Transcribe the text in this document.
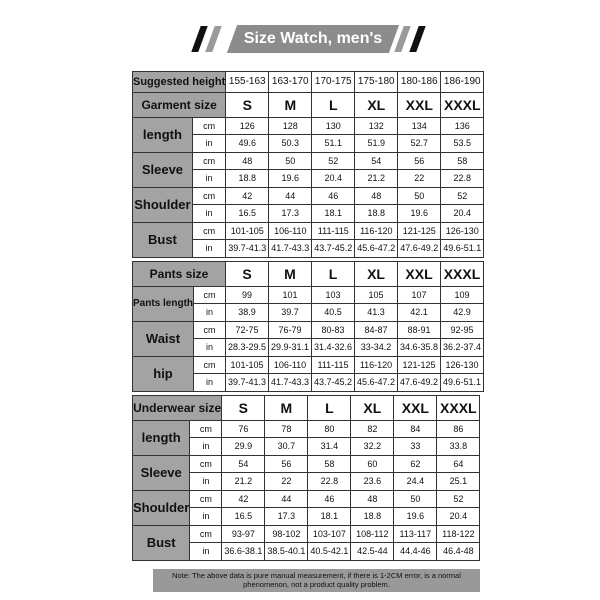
Size Watch, men's
Suggested height		155-163	163-170	170-175	175-180	180-186	186-190
Garment size		S	M	L	XL	XXL	XXXL
length	cm	126	128	130	132	134	136
	in	49.6	50.3	51.1	51.9	52.7	53.5
Sleeve	cm	48	50	52	54	56	58
	in	18.8	19.6	20.4	21.2	22	22.8
Shoulder	cm	42	44	46	48	50	52
	in	16.5	17.3	18.1	18.8	19.6	20.4
Bust	cm	101-105	106-110	111-115	116-120	121-125	126-130
	in	39.7-41.3	41.7-43.3	43.7-45.2	45.6-47.2	47.6-49.2	49.6-51.1
Pants size		S	M	L	XL	XXL	XXXL
Pants length	cm	99	101	103	105	107	109
	in	38.9	39.7	40.5	41.3	42.1	42.9
Waist	cm	72-75	76-79	80-83	84-87	88-91	92-95
	in	28.3-29.5	29.9-31.1	31.4-32.6	33-34.2	34.6-35.8	36.2-37.4
hip	cm	101-105	106-110	111-115	116-120	121-125	126-130
	in	39.7-41.3	41.7-43.3	43.7-45.2	45.6-47.2	47.6-49.2	49.6-51.1
Underwear size		S	M	L	XL	XXL	XXXL
length	cm	76	78	80	82	84	86
	in	29.9	30.7	31.4	32.2	33	33.8
Sleeve	cm	54	56	58	60	62	64
	in	21.2	22	22.8	23.6	24.4	25.1
Shoulder	cm	42	44	46	48	50	52
	in	16.5	17.3	18.1	18.8	19.6	20.4
Bust	cm	93-97	98-102	103-107	108-112	113-117	118-122
	in	36.6-38.1	38.5-40.1	40.5-42.1	42.5-44	44.4-46	46.4-48
Note: The above data is pure manual measurement, if there is 1-2CM error, is a normal phenomenon, not a product quality problem.
